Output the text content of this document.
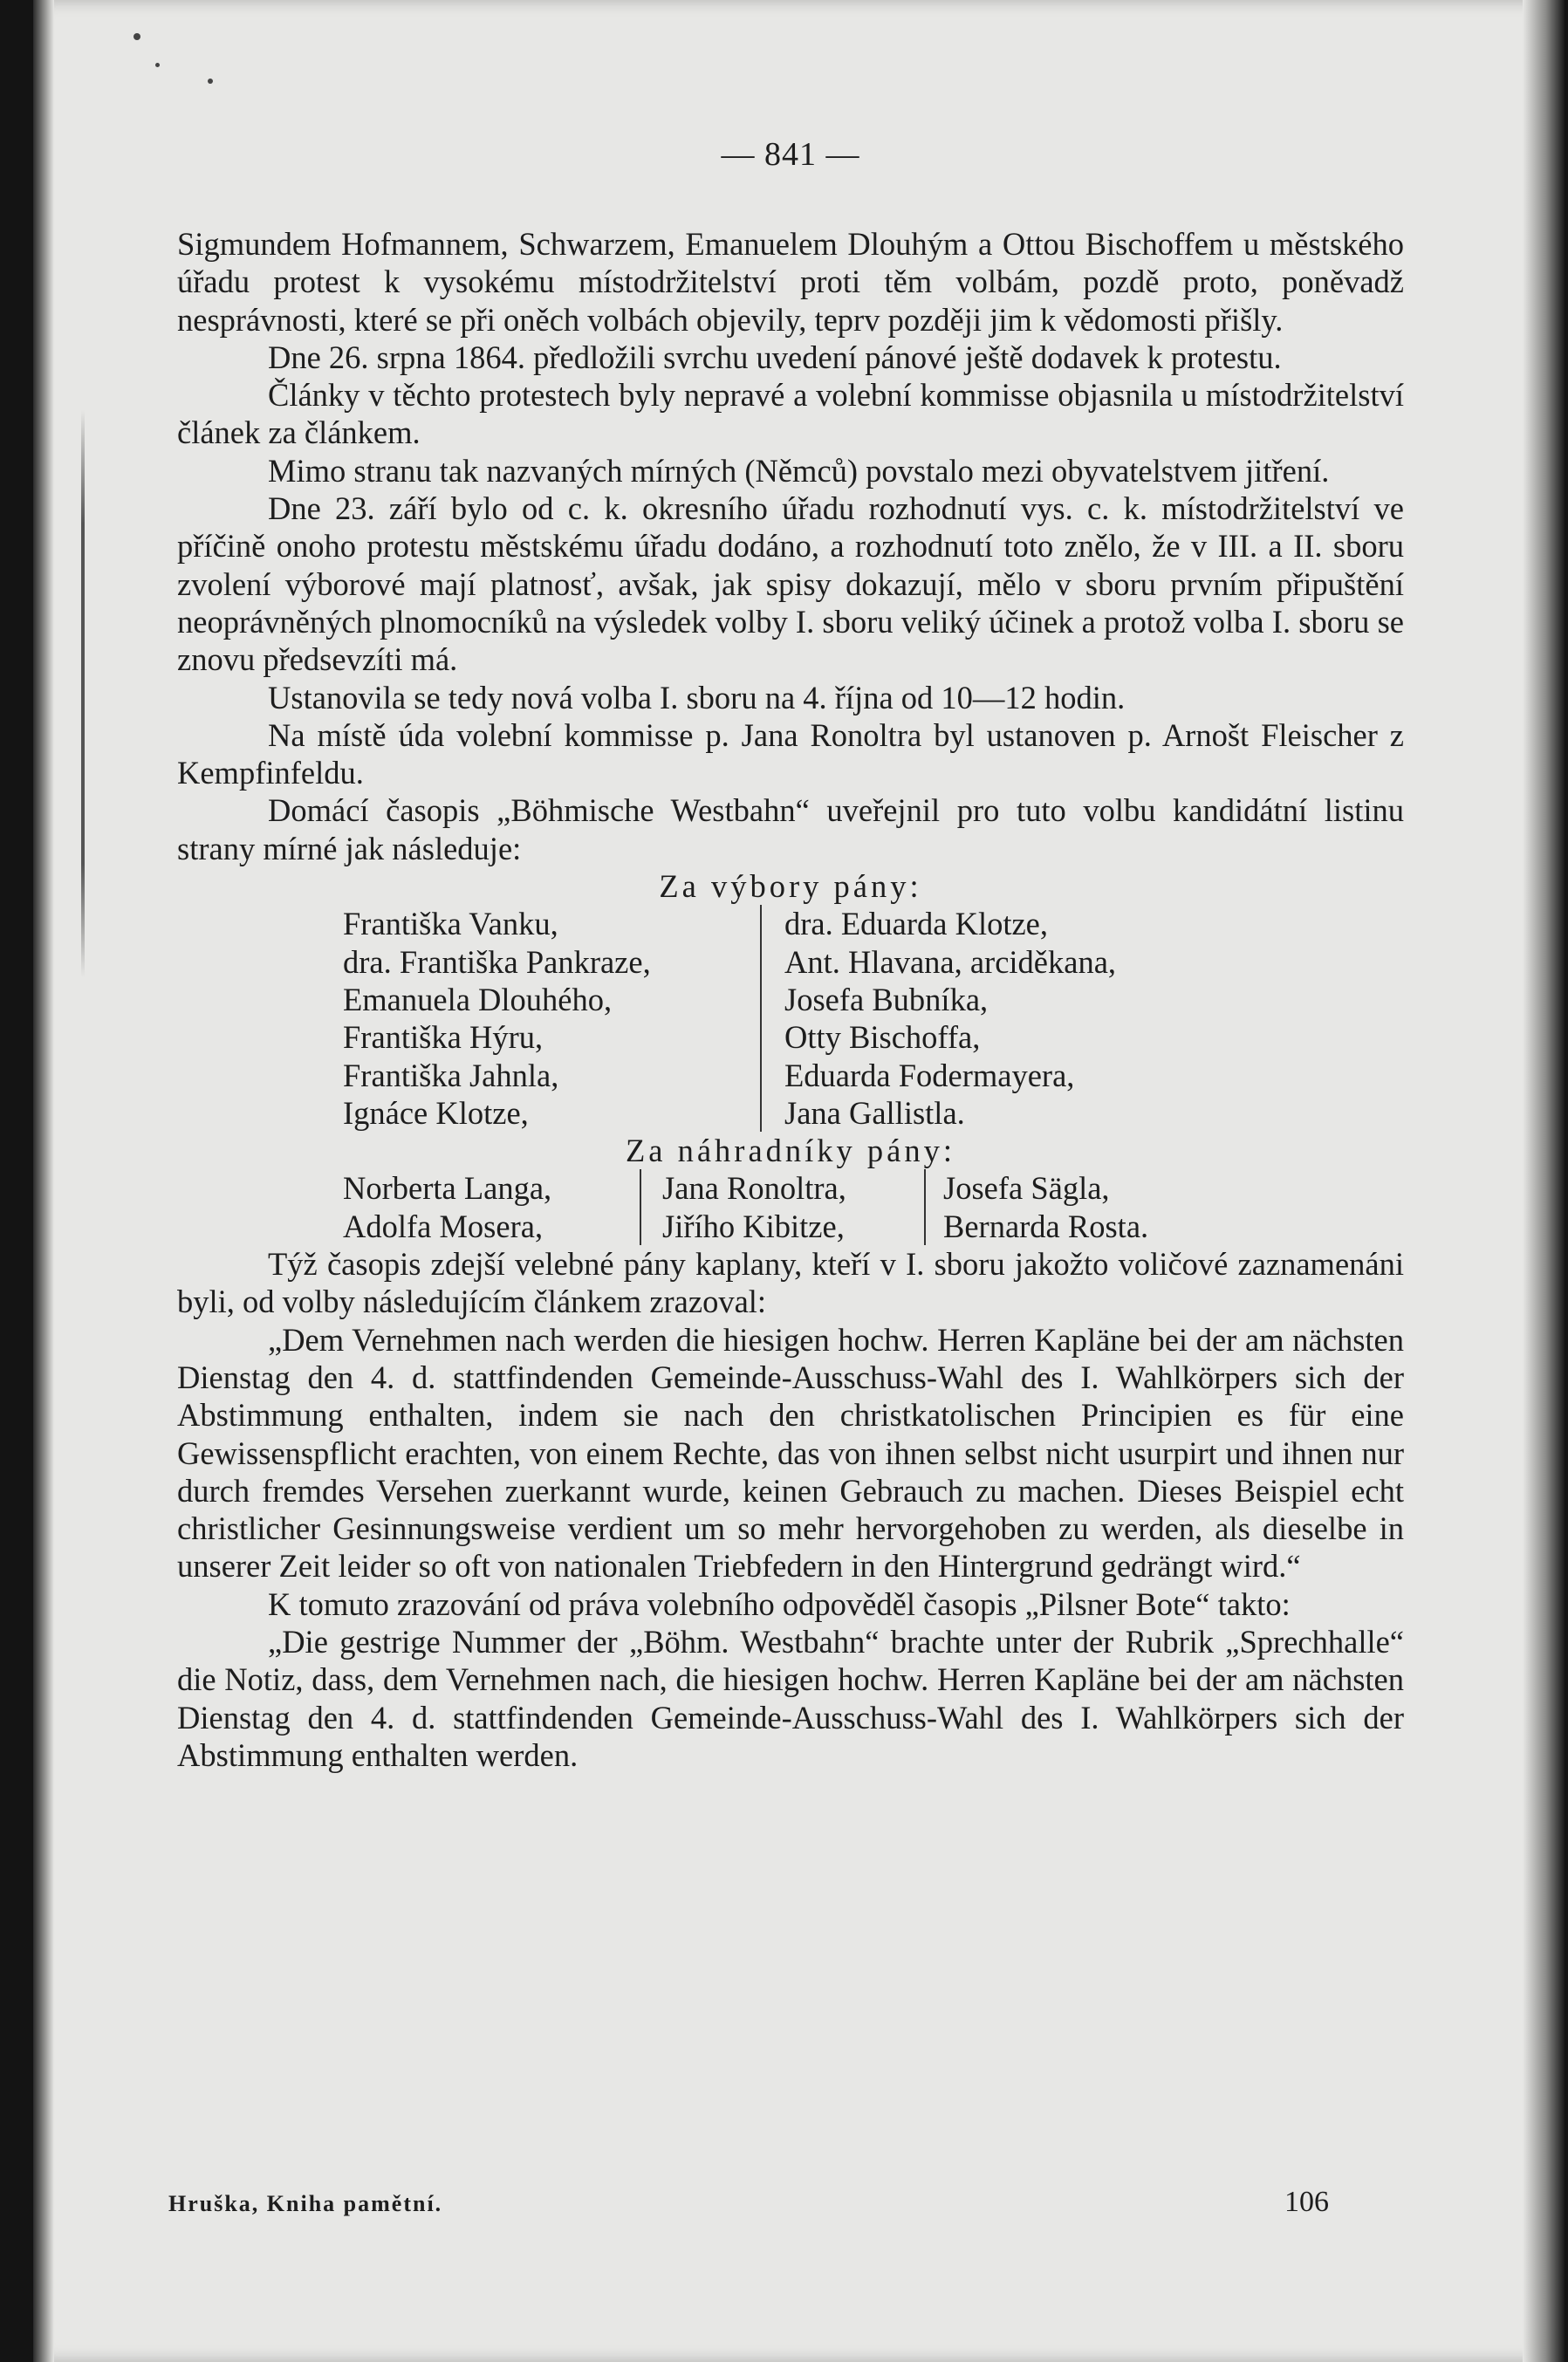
— 841 —

Sigmundem Hofmannem, Schwarzem, Emanuelem Dlouhým a Ottou Bischoffem u městského úřadu protest k vysokému místodržitelství proti těm volbám, pozdě proto, poněvadž nesprávnosti, které se při oněch volbách objevily, teprv později jim k vědomosti přišly.

Dne 26. srpna 1864. předložili svrchu uvedení pánové ještě dodavek k protestu.

Články v těchto protestech byly nepravé a volební kommisse objasnila u místodržitelství článek za článkem.

Mimo stranu tak nazvaných mírných (Němců) povstalo mezi obyvatelstvem jitření.

Dne 23. září bylo od c. k. okresního úřadu rozhodnutí vys. c. k. místodržitelství ve příčině onoho protestu městskému úřadu dodáno, a rozhodnutí toto znělo, že v III. a II. sboru zvolení výborové mají platnosť, avšak, jak spisy dokazují, mělo v sboru prvním připuštění neoprávněných plnomocníků na výsledek volby I. sboru veliký účinek a protož volba I. sboru se znovu předsevzíti má.

Ustanovila se tedy nová volba I. sboru na 4. října od 10—12 hodin.

Na místě úda volební kommisse p. Jana Ronoltra byl ustanoven p. Arnošt Fleischer z Kempfinfeldu.

Domácí časopis „Böhmische Westbahn“ uveřejnil pro tuto volbu kandidátní listinu strany mírné jak následuje:

Za výbory pány:

Františka Vanku,
dra. Františka Pankraze,
Emanuela Dlouhého,
Františka Hýru,
Františka Jahnla,
Ignáce Klotze,
dra. Eduarda Klotze,
Ant. Hlavana, arciděkana,
Josefa Bubníka,
Otty Bischoffa,
Eduarda Fodermayera,
Jana Gallistla.

Za náhradníky pány:

Norberta Langa,
Adolfa Mosera,
Jana Ronoltra,
Jiřího Kibitze,
Josefa Sägla,
Bernarda Rosta.

Týž časopis zdejší velebné pány kaplany, kteří v I. sboru jakožto voličové zaznamenáni byli, od volby následujícím článkem zrazoval:

„Dem Vernehmen nach werden die hiesigen hochw. Herren Kapläne bei der am nächsten Dienstag den 4. d. stattfindenden Gemeinde-Ausschuss-Wahl des I. Wahlkörpers sich der Abstimmung enthalten, indem sie nach den christkatolischen Principien es für eine Gewissenspflicht erachten, von einem Rechte, das von ihnen selbst nicht usurpirt und ihnen nur durch fremdes Versehen zuerkannt wurde, keinen Gebrauch zu machen. Dieses Beispiel echt christlicher Gesinnungsweise verdient um so mehr hervorgehoben zu werden, als dieselbe in unserer Zeit leider so oft von nationalen Triebfedern in den Hintergrund gedrängt wird.“

K tomuto zrazování od práva volebního odpověděl časopis „Pilsner Bote“ takto:

„Die gestrige Nummer der „Böhm. Westbahn“ brachte unter der Rubrik „Sprechhalle“ die Notiz, dass, dem Vernehmen nach, die hiesigen hochw. Herren Kapläne bei der am nächsten Dienstag den 4. d. stattfindenden Gemeinde-Ausschuss-Wahl des I. Wahlkörpers sich der Abstimmung enthalten werden.

Hruška, Kniha pamětní.	106
